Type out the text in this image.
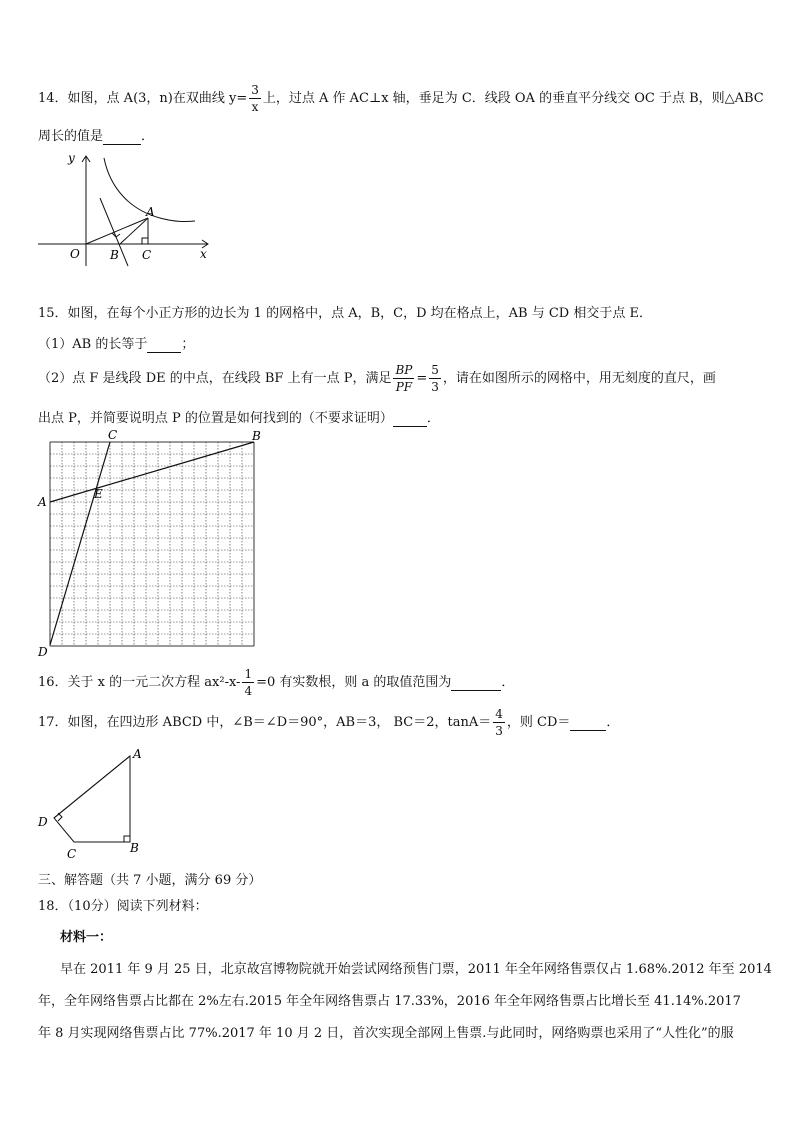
14．如图，点 A(3，n)在双曲线 $y= \frac{3}{x}$ 上，过点 A 作 AC⊥x 轴，垂足为 C．线段 OA 的垂直平分线交 OC 于点 B，则△ABC
周长的值是	．
y
x
O
A
B C
15．如图，在每个小正方形的边长为 1 的网格中，点 A，B，C，D 均在格点上，AB 与 CD 相交于点 E．
（1）AB 的长等于	；
（2）点 F 是线段 DE 的中点，在线段 BF 上有一点 P，满足 $\frac{BP}{PF} = \frac{5}{3}$ ，请在如图所示的网格中，用无刻度的直尺，画
出点 P，并简要说明点 P 的位置是如何找到的（不要求证明）	．
A
B
C
D
E
16．关于 x 的一元二次方程 $ax^2-x- \frac{1}{4} =0$ 有实数根，则 a 的取值范围为	．
17．如图，在四边形 ABCD 中，∠B＝∠D＝90°，AB＝3， BC＝2，$\tan A= \frac{4}{3}$ ，则 CD＝	．
A
B
C
D
三、解答题（共 7 小题，满分 69 分）
18．（10分）阅读下列材料：
材料一：
早在 2011 年 9 月 25 日，北京故宫博物院就开始尝试网络预售门票，2011 年全年网络售票仅占 1.68%.2012 年至 2014
年，全年网络售票占比都在 2%左右.2015 年全年网络售票占 17.33%，2016 年全年网络售票占比增长至 41.14%.2017
年 8 月实现网络售票占比 77%.2017 年 10 月 2 日，首次实现全部网上售票.与此同时，网络购票也采用了“人性化”的服
